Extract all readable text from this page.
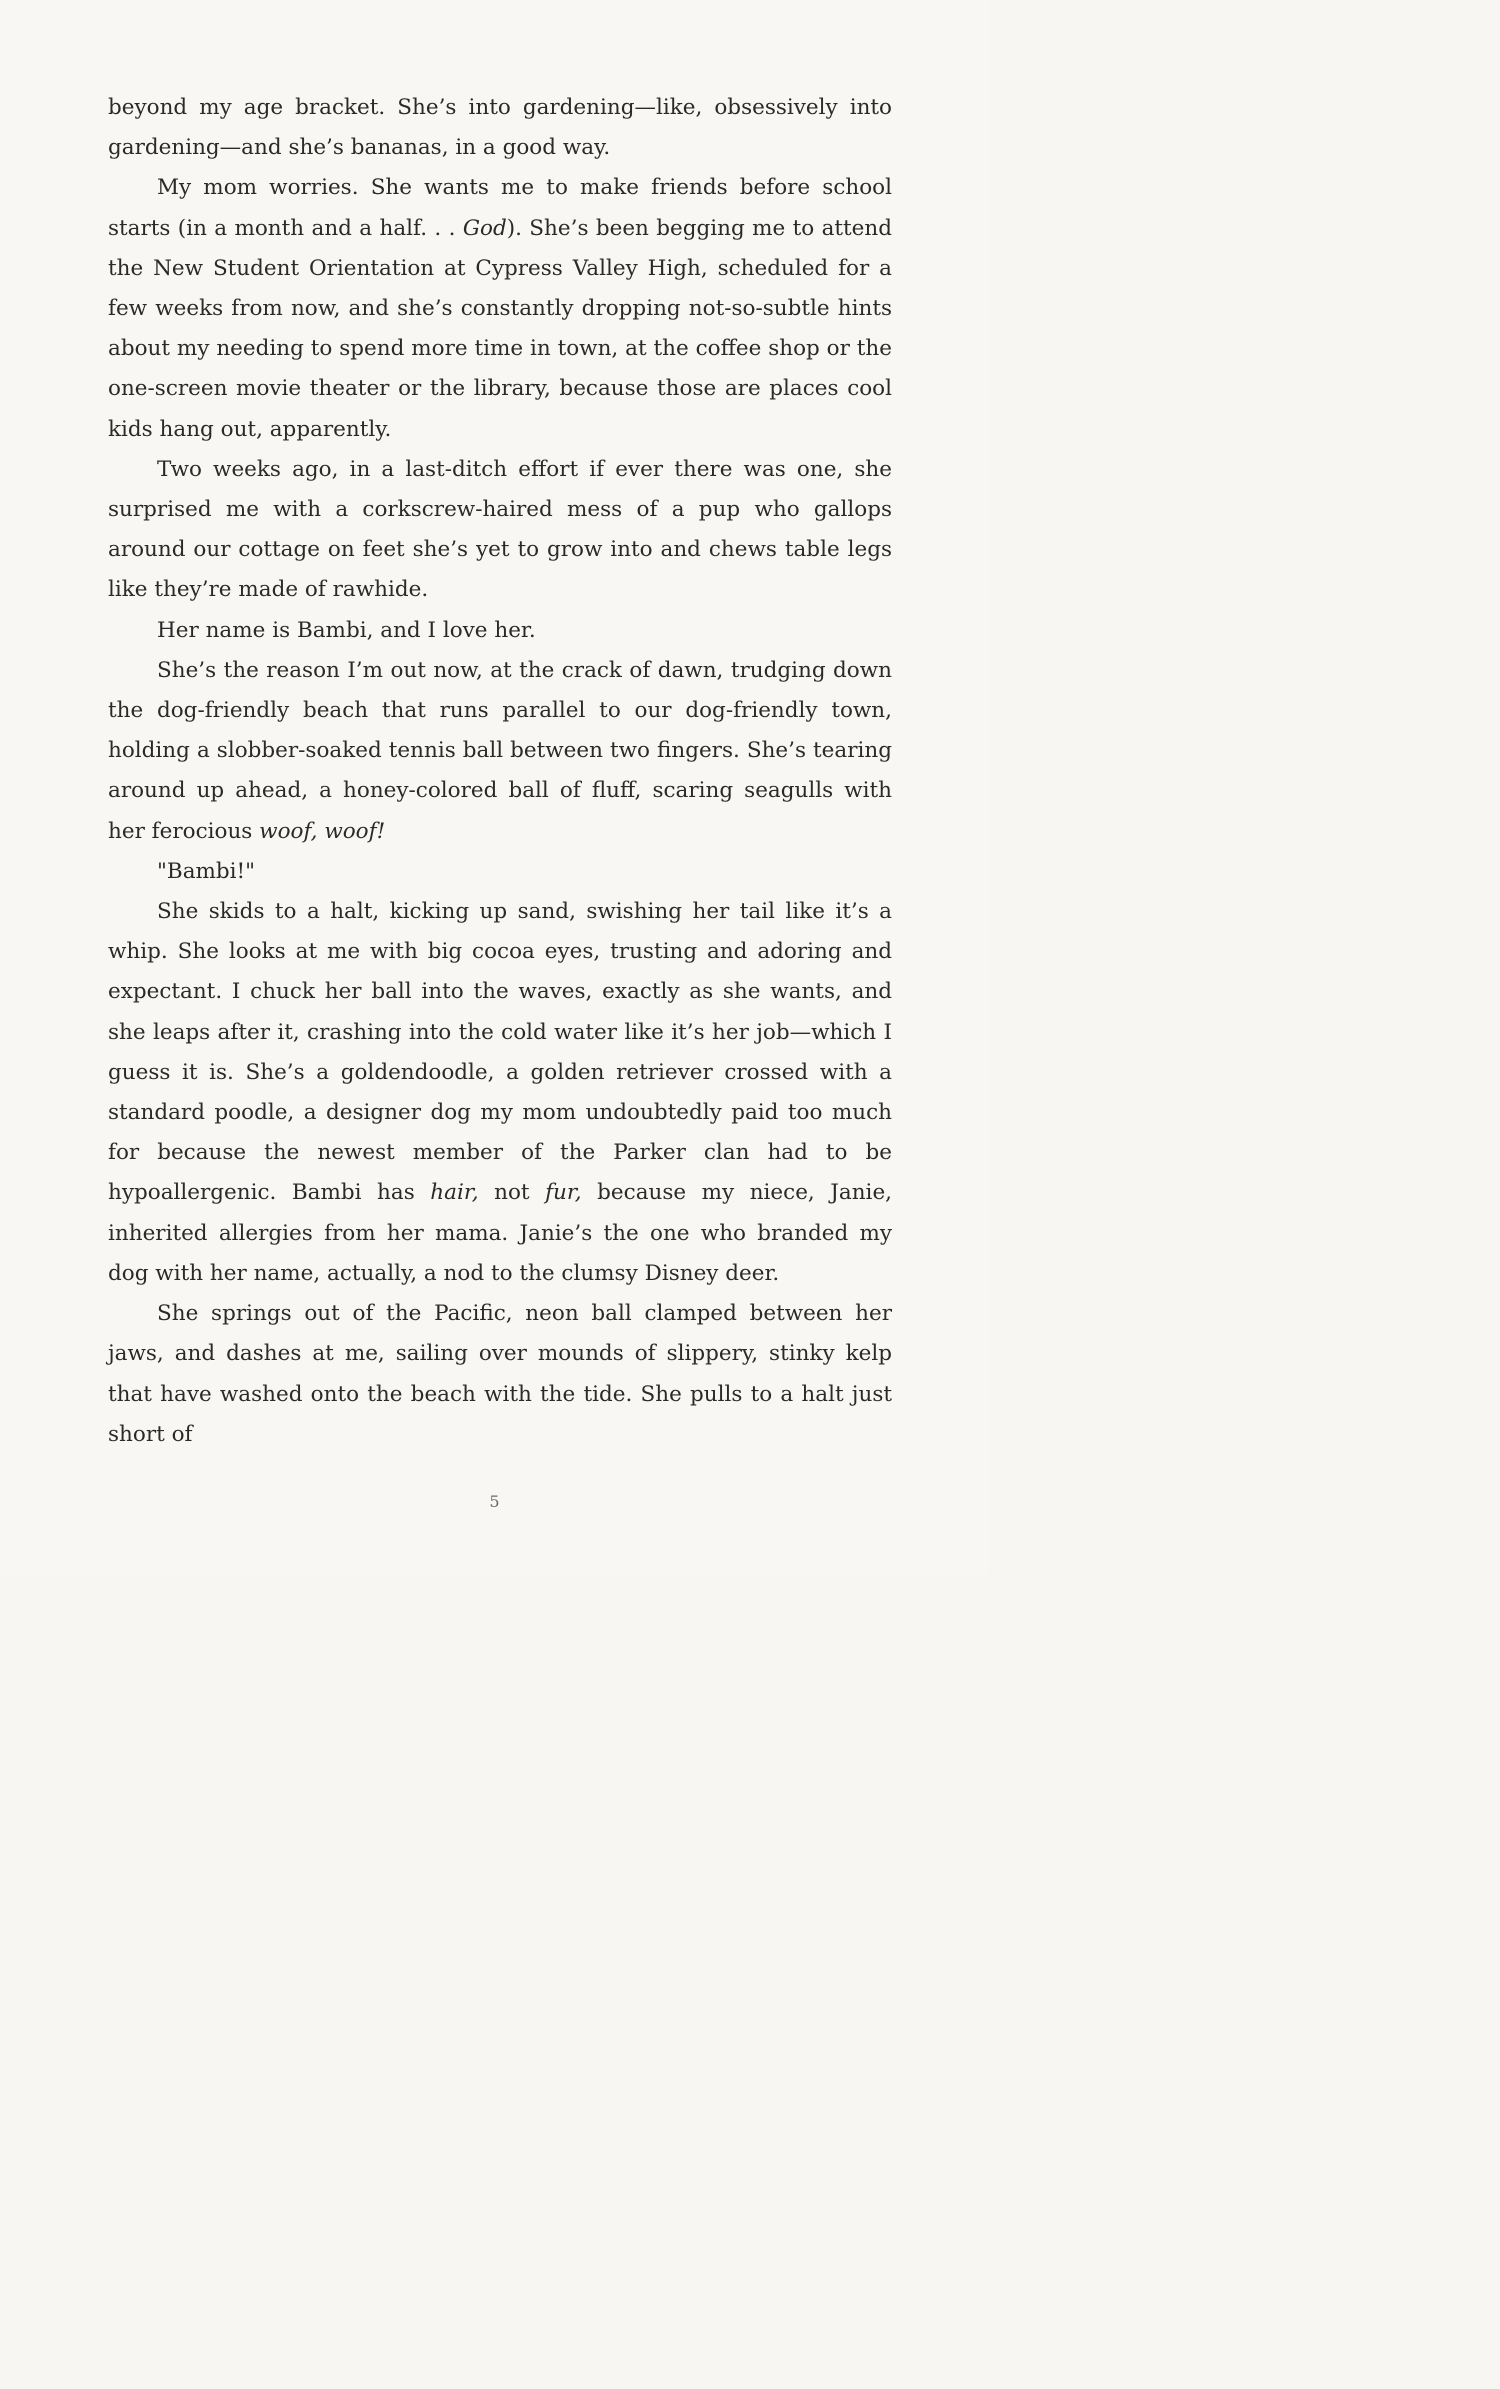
beyond my age bracket. She’s into gardening—like, obsessively into gardening—and she’s bananas, in a good way.

My mom worries. She wants me to make friends before school starts (in a month and a half. . . God). She’s been begging me to attend the New Student Orientation at Cypress Valley High, scheduled for a few weeks from now, and she’s constantly dropping not-so-subtle hints about my needing to spend more time in town, at the coffee shop or the one-screen movie theater or the library, because those are places cool kids hang out, apparently.

Two weeks ago, in a last-ditch effort if ever there was one, she surprised me with a corkscrew-haired mess of a pup who gallops around our cottage on feet she’s yet to grow into and chews table legs like they’re made of rawhide.

Her name is Bambi, and I love her.

She’s the reason I’m out now, at the crack of dawn, trudging down the dog-friendly beach that runs parallel to our dog-friendly town, holding a slobber-soaked tennis ball between two fingers. She’s tearing around up ahead, a honey-colored ball of fluff, scaring seagulls with her ferocious woof, woof!

"Bambi!"

She skids to a halt, kicking up sand, swishing her tail like it’s a whip. She looks at me with big cocoa eyes, trusting and adoring and expectant. I chuck her ball into the waves, exactly as she wants, and she leaps after it, crashing into the cold water like it’s her job—which I guess it is. She’s a goldendoodle, a golden retriever crossed with a standard poodle, a designer dog my mom undoubtedly paid too much for because the newest member of the Parker clan had to be hypoallergenic. Bambi has hair, not fur, because my niece, Janie, inherited allergies from her mama. Janie’s the one who branded my dog with her name, actually, a nod to the clumsy Disney deer.

She springs out of the Pacific, neon ball clamped between her jaws, and dashes at me, sailing over mounds of slippery, stinky kelp that have washed onto the beach with the tide. She pulls to a halt just short of

5
